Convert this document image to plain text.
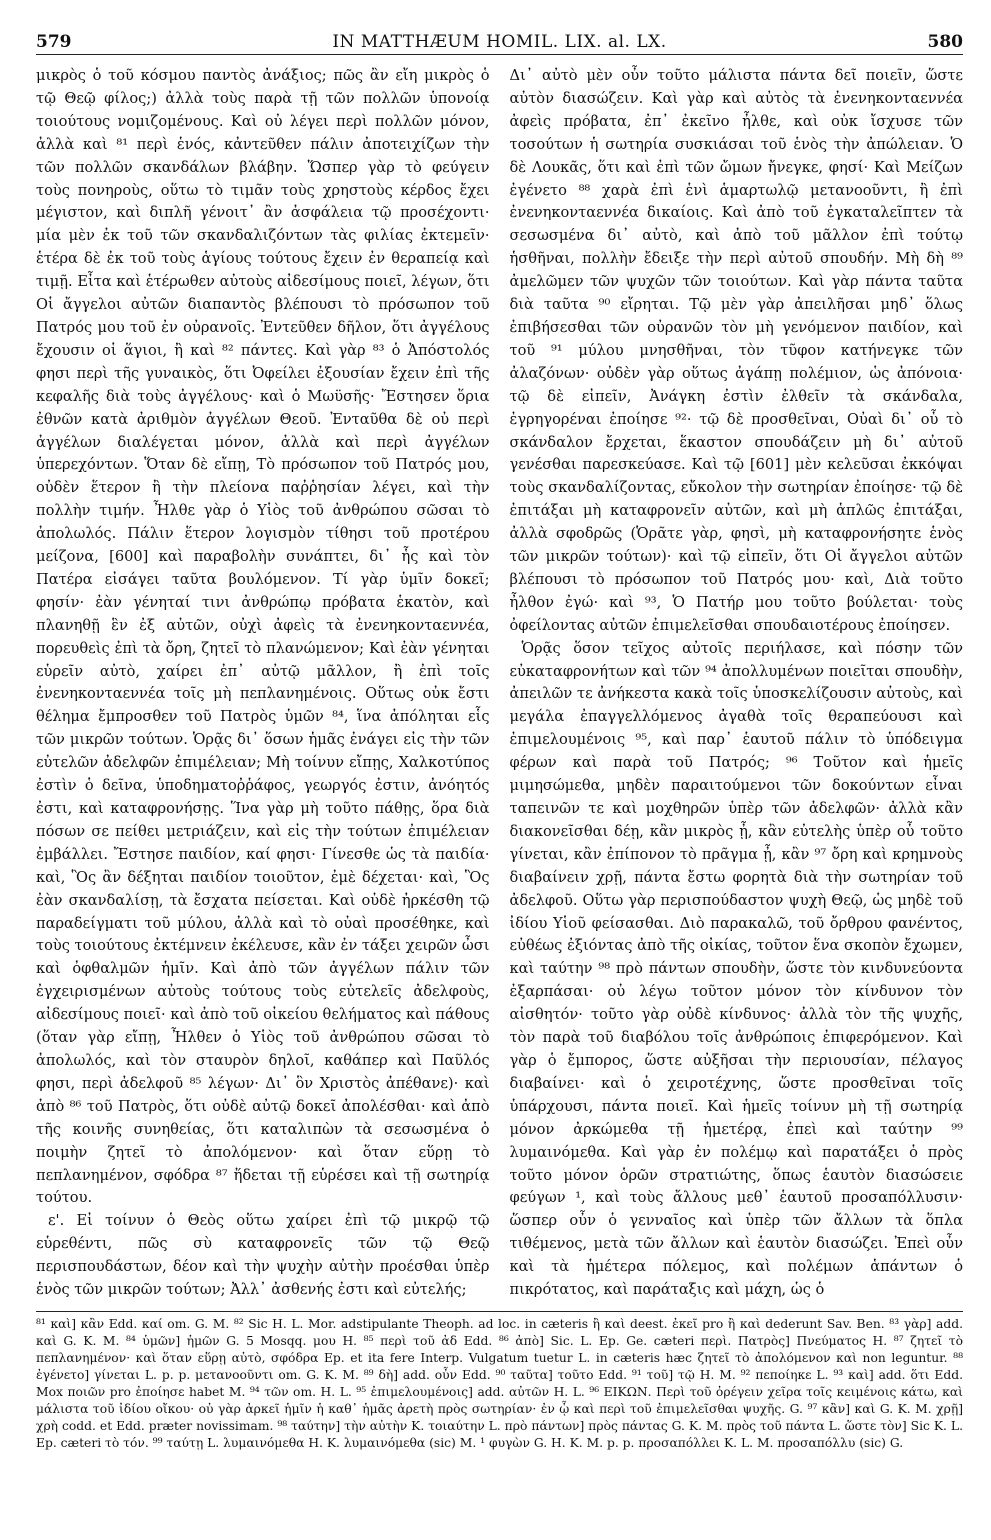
579	IN MATTHÆUM HOMIL. LIX. al. LX.	580

μικρὸς ὁ τοῦ κόσμου παντὸς ἀνάξιος; πῶς ἂν εἴη μικρὸς ὁ τῷ Θεῷ φίλος;) ἀλλὰ τοὺς παρὰ τῇ τῶν πολλῶν ὑπονοίᾳ τοιούτους νομιζομένους. Καὶ οὐ λέγει περὶ πολλῶν μόνον, ἀλλὰ καὶ ⁸¹ περὶ ἑνός, κἀντεῦθεν πάλιν ἀποτειχίζων τὴν τῶν πολλῶν σκανδάλων βλάβην. Ὥσπερ γὰρ τὸ φεύγειν τοὺς πονηροὺς, οὕτω τὸ τιμᾶν τοὺς χρηστοὺς κέρδος ἔχει μέγιστον, καὶ διπλῆ γένοιτ᾽ ἂν ἀσφάλεια τῷ προσέχοντι· μία μὲν ἐκ τοῦ τῶν σκανδαλιζόντων τὰς φιλίας ἐκτεμεῖν· ἑτέρα δὲ ἐκ τοῦ τοὺς ἁγίους τούτους ἔχειν ἐν θεραπείᾳ καὶ τιμῇ. Εἶτα καὶ ἑτέρωθεν αὐτοὺς αἰδεσίμους ποιεῖ, λέγων, ὅτι Οἱ ἄγγελοι αὐτῶν διαπαντὸς βλέπουσι τὸ πρόσωπον τοῦ Πατρός μου τοῦ ἐν οὐρανοῖς. Ἐντεῦθεν δῆλον, ὅτι ἀγγέλους ἔχουσιν οἱ ἅγιοι, ἢ καὶ ⁸² πάντες. Καὶ γὰρ ⁸³ ὁ Ἀπόστολός φησι περὶ τῆς γυναικὸς, ὅτι Ὀφείλει ἐξουσίαν ἔχειν ἐπὶ τῆς κεφαλῆς διὰ τοὺς ἀγγέλους· καὶ ὁ Μωϋσῆς· Ἔστησεν ὅρια ἐθνῶν κατὰ ἀριθμὸν ἀγγέλων Θεοῦ. Ἐνταῦθα δὲ οὐ περὶ ἀγγέλων διαλέγεται μόνον, ἀλλὰ καὶ περὶ ἀγγέλων ὑπερεχόντων. Ὅταν δὲ εἴπῃ, Τὸ πρόσωπον τοῦ Πατρός μου, οὐδὲν ἕτερον ἢ τὴν πλείονα παῤῥησίαν λέγει, καὶ τὴν πολλὴν τιμήν. Ἦλθε γὰρ ὁ Υἱὸς τοῦ ἀνθρώπου σῶσαι τὸ ἀπολωλός. Πάλιν ἕτερον λογισμὸν τίθησι τοῦ προτέρου μείζονα, [600] καὶ παραβολὴν συνάπτει, δι᾽ ἧς καὶ τὸν Πατέρα εἰσάγει ταῦτα βουλόμενον. Τί γὰρ ὑμῖν δοκεῖ; φησίν· ἐὰν γένηταί τινι ἀνθρώπῳ πρόβατα ἑκατὸν, καὶ πλανηθῇ ἓν ἐξ αὐτῶν, οὐχὶ ἀφεὶς τὰ ἐνενηκονταεννέα, πορευθεὶς ἐπὶ τὰ ὄρη, ζητεῖ τὸ πλανώμενον; Καὶ ἐὰν γένηται εὑρεῖν αὐτὸ, χαίρει ἐπ᾽ αὐτῷ μᾶλλον, ἢ ἐπὶ τοῖς ἐνενηκονταεννέα τοῖς μὴ πεπλανημένοις. Οὕτως οὐκ ἔστι θέλημα ἔμπροσθεν τοῦ Πατρὸς ὑμῶν ⁸⁴, ἵνα ἀπόληται εἷς τῶν μικρῶν τούτων. Ὁρᾷς δι᾽ ὅσων ἡμᾶς ἐνάγει εἰς τὴν τῶν εὐτελῶν ἀδελφῶν ἐπιμέλειαν; Μὴ τοίνυν εἴπῃς, Χαλκοτύπος ἐστὶν ὁ δεῖνα, ὑποδηματοῤῥάφος, γεωργός ἐστιν, ἀνόητός ἐστι, καὶ καταφρονήσῃς. Ἵνα γὰρ μὴ τοῦτο πάθῃς, ὅρα διὰ πόσων σε πείθει μετριάζειν, καὶ εἰς τὴν τούτων ἐπιμέλειαν ἐμβάλλει. Ἔστησε παιδίον, καί φησι· Γίνεσθε ὡς τὰ παιδία· καὶ, Ὃς ἂν δέξηται παιδίον τοιοῦτον, ἐμὲ δέχεται· καὶ, Ὃς ἐὰν σκανδαλίσῃ, τὰ ἔσχατα πείσεται. Καὶ οὐδὲ ἠρκέσθη τῷ παραδείγματι τοῦ μύλου, ἀλλὰ καὶ τὸ οὐαὶ προσέθηκε, καὶ τοὺς τοιούτους ἐκτέμνειν ἐκέλευσε, κἂν ἐν τάξει χειρῶν ὦσι καὶ ὀφθαλμῶν ἡμῖν. Καὶ ἀπὸ τῶν ἀγγέλων πάλιν τῶν ἐγχειρισμένων αὐτοὺς τούτους τοὺς εὐτελεῖς ἀδελφοὺς, αἰδεσίμους ποιεῖ· καὶ ἀπὸ τοῦ οἰκείου θελήματος καὶ πάθους (ὅταν γὰρ εἴπῃ, Ἦλθεν ὁ Υἱὸς τοῦ ἀνθρώπου σῶσαι τὸ ἀπολωλός, καὶ τὸν σταυρὸν δηλοῖ, καθάπερ καὶ Παῦλός φησι, περὶ ἀδελφοῦ ⁸⁵ λέγων· Δι᾽ ὃν Χριστὸς ἀπέθανε)· καὶ ἀπὸ ⁸⁶ τοῦ Πατρὸς, ὅτι οὐδὲ αὐτῷ δοκεῖ ἀπολέσθαι· καὶ ἀπὸ τῆς κοινῆς συνηθείας, ὅτι καταλιπὼν τὰ σεσωσμένα ὁ ποιμὴν ζητεῖ τὸ ἀπολόμενον· καὶ ὅταν εὕρῃ τὸ πεπλανημένον, σφόδρα ⁸⁷ ἥδεται τῇ εὑρέσει καὶ τῇ σωτηρίᾳ τούτου.

ε'. Εἰ τοίνυν ὁ Θεὸς οὕτω χαίρει ἐπὶ τῷ μικρῷ τῷ εὑρεθέντι, πῶς σὺ καταφρονεῖς τῶν τῷ Θεῷ περισπουδάστων, δέον καὶ τὴν ψυχὴν αὐτὴν προέσθαι ὑπὲρ ἑνὸς τῶν μικρῶν τούτων; Ἀλλ᾽ ἀσθενής ἐστι καὶ εὐτελής;

Δι᾽ αὐτὸ μὲν οὖν τοῦτο μάλιστα πάντα δεῖ ποιεῖν, ὥστε αὐτὸν διασώζειν. Καὶ γὰρ καὶ αὐτὸς τὰ ἐνενηκονταεννέα ἀφεὶς πρόβατα, ἐπ᾽ ἐκεῖνο ἦλθε, καὶ οὐκ ἴσχυσε τῶν τοσούτων ἡ σωτηρία συσκιάσαι τοῦ ἑνὸς τὴν ἀπώλειαν. Ὁ δὲ Λουκᾶς, ὅτι καὶ ἐπὶ τῶν ὤμων ἤνεγκε, φησί· Καὶ Μείζων ἐγένετο ⁸⁸ χαρὰ ἐπὶ ἑνὶ ἁμαρτωλῷ μετανοοῦντι, ἢ ἐπὶ ἐνενηκονταεννέα δικαίοις. Καὶ ἀπὸ τοῦ ἐγκαταλεῖπτεν τὰ σεσωσμένα δι᾽ αὐτὸ, καὶ ἀπὸ τοῦ μᾶλλον ἐπὶ τούτῳ ἡσθῆναι, πολλὴν ἔδειξε τὴν περὶ αὐτοῦ σπουδήν. Μὴ δὴ ⁸⁹ ἀμελῶμεν τῶν ψυχῶν τῶν τοιούτων. Καὶ γὰρ πάντα ταῦτα διὰ ταῦτα ⁹⁰ εἴρηται. Τῷ μὲν γὰρ ἀπειλῆσαι μηδ᾽ ὅλως ἐπιβήσεσθαι τῶν οὐρανῶν τὸν μὴ γενόμενον παιδίον, καὶ τοῦ ⁹¹ μύλου μνησθῆναι, τὸν τῦφον κατήνεγκε τῶν ἀλαζόνων· οὐδὲν γὰρ οὕτως ἀγάπῃ πολέμιον, ὡς ἀπόνοια· τῷ δὲ εἰπεῖν, Ἀνάγκη ἐστὶν ἐλθεῖν τὰ σκάνδαλα, ἐγρηγορέναι ἐποίησε ⁹²· τῷ δὲ προσθεῖναι, Οὐαὶ δι᾽ οὗ τὸ σκάνδαλον ἔρχεται, ἕκαστον σπουδάζειν μὴ δι᾽ αὐτοῦ γενέσθαι παρεσκεύασε. Καὶ τῷ [601] μὲν κελεῦσαι ἐκκόψαι τοὺς σκανδαλίζοντας, εὔκολον τὴν σωτηρίαν ἐποίησε· τῷ δὲ ἐπιτάξαι μὴ καταφρονεῖν αὐτῶν, καὶ μὴ ἁπλῶς ἐπιτάξαι, ἀλλὰ σφοδρῶς (Ὁρᾶτε γὰρ, φησὶ, μὴ καταφρονήσητε ἑνὸς τῶν μικρῶν τούτων)· καὶ τῷ εἰπεῖν, ὅτι Οἱ ἄγγελοι αὐτῶν βλέπουσι τὸ πρόσωπον τοῦ Πατρός μου· καὶ, Διὰ τοῦτο ἦλθον ἐγώ· καὶ ⁹³, Ὁ Πατήρ μου τοῦτο βούλεται· τοὺς ὀφείλοντας αὐτῶν ἐπιμελεῖσθαι σπουδαιοτέρους ἐποίησεν.

Ὁρᾷς ὅσον τεῖχος αὐτοῖς περιήλασε, καὶ πόσην τῶν εὐκαταφρονήτων καὶ τῶν ⁹⁴ ἀπολλυμένων ποιεῖται σπουδὴν, ἀπειλῶν τε ἀνήκεστα κακὰ τοῖς ὑποσκελίζουσιν αὐτοὺς, καὶ μεγάλα ἐπαγγελλόμενος ἀγαθὰ τοῖς θεραπεύουσι καὶ ἐπιμελουμένοις ⁹⁵, καὶ παρ᾽ ἑαυτοῦ πάλιν τὸ ὑπόδειγμα φέρων καὶ παρὰ τοῦ Πατρός; ⁹⁶ Τοῦτον καὶ ἡμεῖς μιμησώμεθα, μηδὲν παραιτούμενοι τῶν δοκούντων εἶναι ταπεινῶν τε καὶ μοχθηρῶν ὑπὲρ τῶν ἀδελφῶν· ἀλλὰ κἂν διακονεῖσθαι δέῃ, κἂν μικρὸς ᾖ, κἂν εὐτελὴς ὑπὲρ οὗ τοῦτο γίνεται, κἂν ἐπίπονον τὸ πρᾶγμα ᾖ, κἂν ⁹⁷ ὄρη καὶ κρημνοὺς διαβαίνειν χρῇ, πάντα ἔστω φορητὰ διὰ τὴν σωτηρίαν τοῦ ἀδελφοῦ. Οὕτω γὰρ περισπούδαστον ψυχὴ Θεῷ, ὡς μηδὲ τοῦ ἰδίου Υἱοῦ φείσασθαι. Διὸ παρακαλῶ, τοῦ ὄρθρου φανέντος, εὐθέως ἐξιόντας ἀπὸ τῆς οἰκίας, τοῦτον ἕνα σκοπὸν ἔχωμεν, καὶ ταύτην ⁹⁸ πρὸ πάντων σπουδὴν, ὥστε τὸν κινδυνεύοντα ἐξαρπάσαι· οὐ λέγω τοῦτον μόνον τὸν κίνδυνον τὸν αἰσθητόν· τοῦτο γὰρ οὐδὲ κίνδυνος· ἀλλὰ τὸν τῆς ψυχῆς, τὸν παρὰ τοῦ διαβόλου τοῖς ἀνθρώποις ἐπιφερόμενον. Καὶ γὰρ ὁ ἔμπορος, ὥστε αὐξῆσαι τὴν περιουσίαν, πέλαγος διαβαίνει· καὶ ὁ χειροτέχνης, ὥστε προσθεῖναι τοῖς ὑπάρχουσι, πάντα ποιεῖ. Καὶ ἡμεῖς τοίνυν μὴ τῇ σωτηρίᾳ μόνον ἀρκώμεθα τῇ ἡμετέρᾳ, ἐπεὶ καὶ ταύτην ⁹⁹ λυμαινόμεθα. Καὶ γὰρ ἐν πολέμῳ καὶ παρατάξει ὁ πρὸς τοῦτο μόνον ὁρῶν στρατιώτης, ὅπως ἑαυτὸν διασώσειε φεύγων ¹, καὶ τοὺς ἄλλους μεθ᾽ ἑαυτοῦ προσαπόλλυσιν· ὥσπερ οὖν ὁ γενναῖος καὶ ὑπὲρ τῶν ἄλλων τὰ ὅπλα τιθέμενος, μετὰ τῶν ἄλλων καὶ ἑαυτὸν διασώζει. Ἐπεὶ οὖν καὶ τὰ ἡμέτερα πόλεμος, καὶ πολέμων ἁπάντων ὁ πικρότατος, καὶ παράταξις καὶ μάχη, ὡς ὁ

⁸¹ καὶ] κἂν Edd. καί om. G. M. ⁸² Sic H. L. Mor. adstipulante Theoph. ad loc. in cæteris ἢ καὶ deest. ἐκεῖ pro ἢ καὶ dederunt Sav. Ben. ⁸³ γὰρ] add. καὶ G. K. M. ⁸⁴ ὑμῶν] ἡμῶν G. 5 Mosqq. μου H. ⁸⁵ περὶ τοῦ ἀδ Edd. ⁸⁶ ἀπὸ] Sic. L. Ep. Ge. cæteri περὶ. Πατρὸς] Πνεύματος H. ⁸⁷ ζητεῖ τὸ πεπλανημένον· καὶ ὅταν εὕρῃ αὐτὸ, σφόδρα Ep. et ita fere Interp. Vulgatum tuetur L. in cæteris hæc ζητεῖ τὸ ἀπολόμενον καὶ non leguntur. ⁸⁸ ἐγένετο] γίνεται L. p. p. μετανοοῦντι om. G. K. M. ⁸⁹ δὴ] add. οὖν Edd. ⁹⁰ ταῦτα] τοῦτο Edd. ⁹¹ τοῦ] τῷ H. M. ⁹² πεποίηκε L. ⁹³ καὶ] add. ὅτι Edd. Mox ποιῶν pro ἐποίησε habet M. ⁹⁴ τῶν om. H. L. ⁹⁵ ἐπιμελουμένοις] add. αὐτῶν H. L. ⁹⁶ ΕΙΚΩΝ. Περὶ τοῦ ὀρέγειν χεῖρα τοῖς κειμένοις κάτω, καὶ μάλιστα τοῦ ἰδίου οἴκου· οὐ γὰρ ἀρκεῖ ἡμῖν ἡ καθ᾽ ἡμᾶς ἀρετὴ πρὸς σωτηρίαν· ἐν ᾧ καὶ περὶ τοῦ ἐπιμελεῖσθαι ψυχῆς. G. ⁹⁷ κἂν] καὶ G. K. M. χρῇ] χρὴ codd. et Edd. præter novissimam. ⁹⁸ ταύτην] τὴν αὐτὴν K. τοιαύτην L. πρὸ πάντων] πρὸς πάντας G. K. M. πρὸς τοῦ πάντα L. ὥστε τὸν] Sic K. L. Ep. cæteri τὸ τόν. ⁹⁹ ταύτῃ L. λυμαινόμεθα H. K. λυμαινόμεθα (sic) M. ¹ φυγὼν G. H. K. M. p. p. προσαπόλλει K. L. M. προσαπόλλυ (sic) G.
